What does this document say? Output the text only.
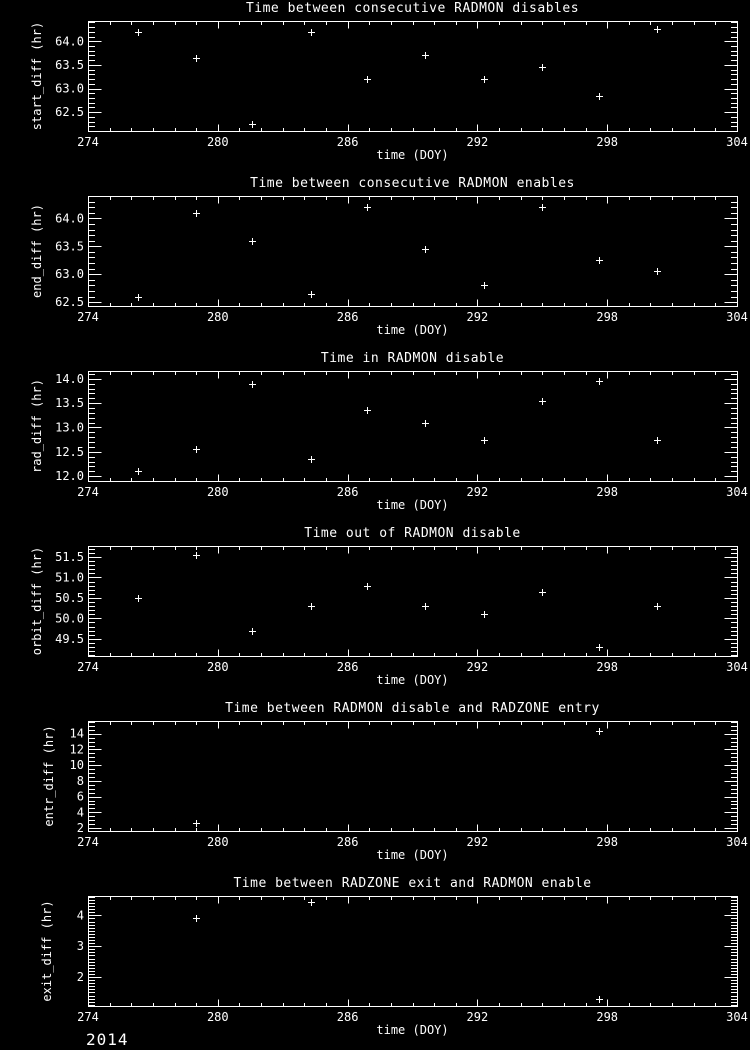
Time between consecutive RADMON disables
start_diff (hr)
274	280	286	292	298	304
62.5
63.0
63.5
64.0
time (DOY)
Time between consecutive RADMON enables
end_diff (hr)
274	280	286	292	298	304
62.5
63.0
63.5
64.0
time (DOY)
Time in RADMON disable
rad_diff (hr)
274	280	286	292	298	304
12.0
12.5
13.0
13.5
14.0
time (DOY)
Time out of RADMON disable
orbit_diff (hr)
274	280	286	292	298	304
49.5
50.0
50.5
51.0
51.5
time (DOY)
Time between RADMON disable and RADZONE entry
entr_diff (hr)
274	280	286	292	298	304
2
4
6
8
10
12
14
time (DOY)
Time between RADZONE exit and RADMON enable
exit_diff (hr)
274	280	286	292	298	304
2
3
4
time (DOY)
2014
